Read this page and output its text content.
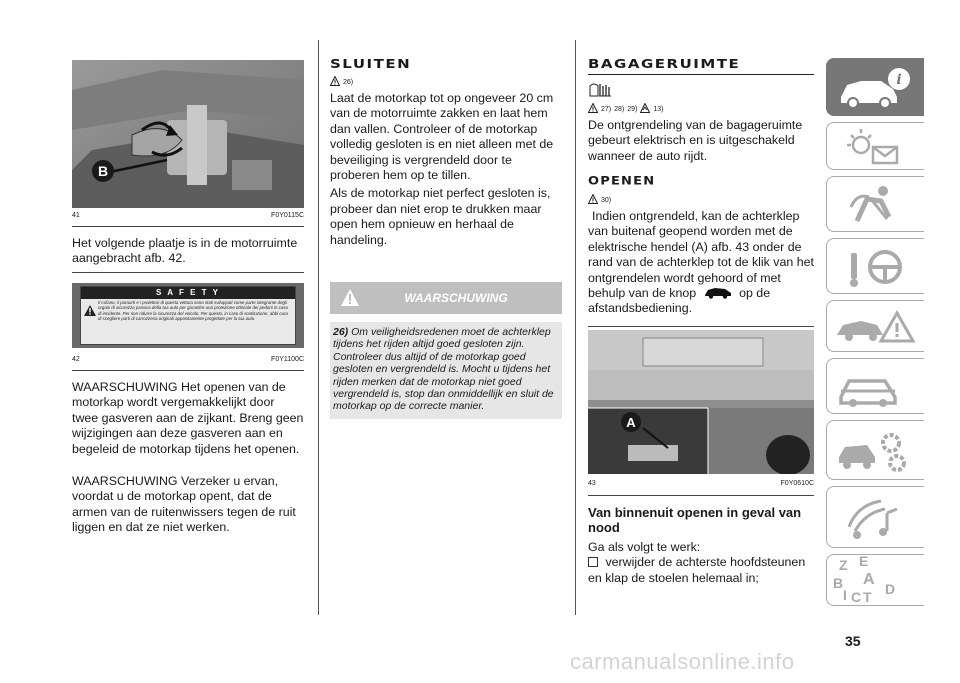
B
41	F0Y0115C

Het volgende plaatje is in de motorruimte aangebracht afb. 42.

S A F E T Y
Il cofano, il paraurti e i proiettori di questa vettura sono stati sviluppati come parte integrante degli organi di sicurezza passiva della tua auto per garantire una protezione ottimale dei pedoni in caso di incidente. Per non ridurre la sicurezza del veicolo. Per questo, in caso di sostituzione, abbi cura di scegliere parti di carrozzeria originali appositamente progettate per la tua auto.
42	F0Y1100C

WAARSCHUWING Het openen van de motorkap wordt vergemakkelijkt door twee gasveren aan de zijkant. Breng geen wijzigingen aan deze gasveren aan en begeleid de motorkap tijdens het openen.

WAARSCHUWING Verzeker u ervan, voordat u de motorkap opent, dat de armen van de ruitenwissers tegen de ruit liggen en dat ze niet werken.

SLUITEN
26)

Laat de motorkap tot op ongeveer 20 cm van de motorruimte zakken en laat hem dan vallen. Controleer of de motorkap volledig gesloten is en niet alleen met de beveiliging is vergrendeld door te proberen hem op te tillen.

Als de motorkap niet perfect gesloten is, probeer dan niet erop te drukken maar open hem opnieuw en herhaal de handeling.

WAARSCHUWING
26) Om veiligheidsredenen moet de achterklep tijdens het rijden altijd goed gesloten zijn. Controleer dus altijd of de motorkap goed gesloten en vergrendeld is. Mocht u tijdens het rijden merken dat de motorkap niet goed vergrendeld is, stop dan onmiddellijk en sluit de motorkap op de correcte manier.
BAGAGERUIMTE
27) 28) 29) 13)

De ontgrendeling van de bagageruimte gebeurt elektrisch en is uitgeschakeld wanneer de auto rijdt.

OPENEN
30)

Indien ontgrendeld, kan de achterklep van buitenaf geopend worden met de elektrische hendel (A) afb. 43 onder de rand van de achterklep tot de klik van het ontgrendelen wordt gehoord of met behulp van de knop	op de afstandsbediening.

A
43	F0Y0610C
Van binnenuit openen in geval van nood

Ga als volgt te werk:

verwijder de achterste hoofdsteunen en klap de stoelen helemaal in;

i
Z E
B A
I C T D
35
carmanualsonline.info
